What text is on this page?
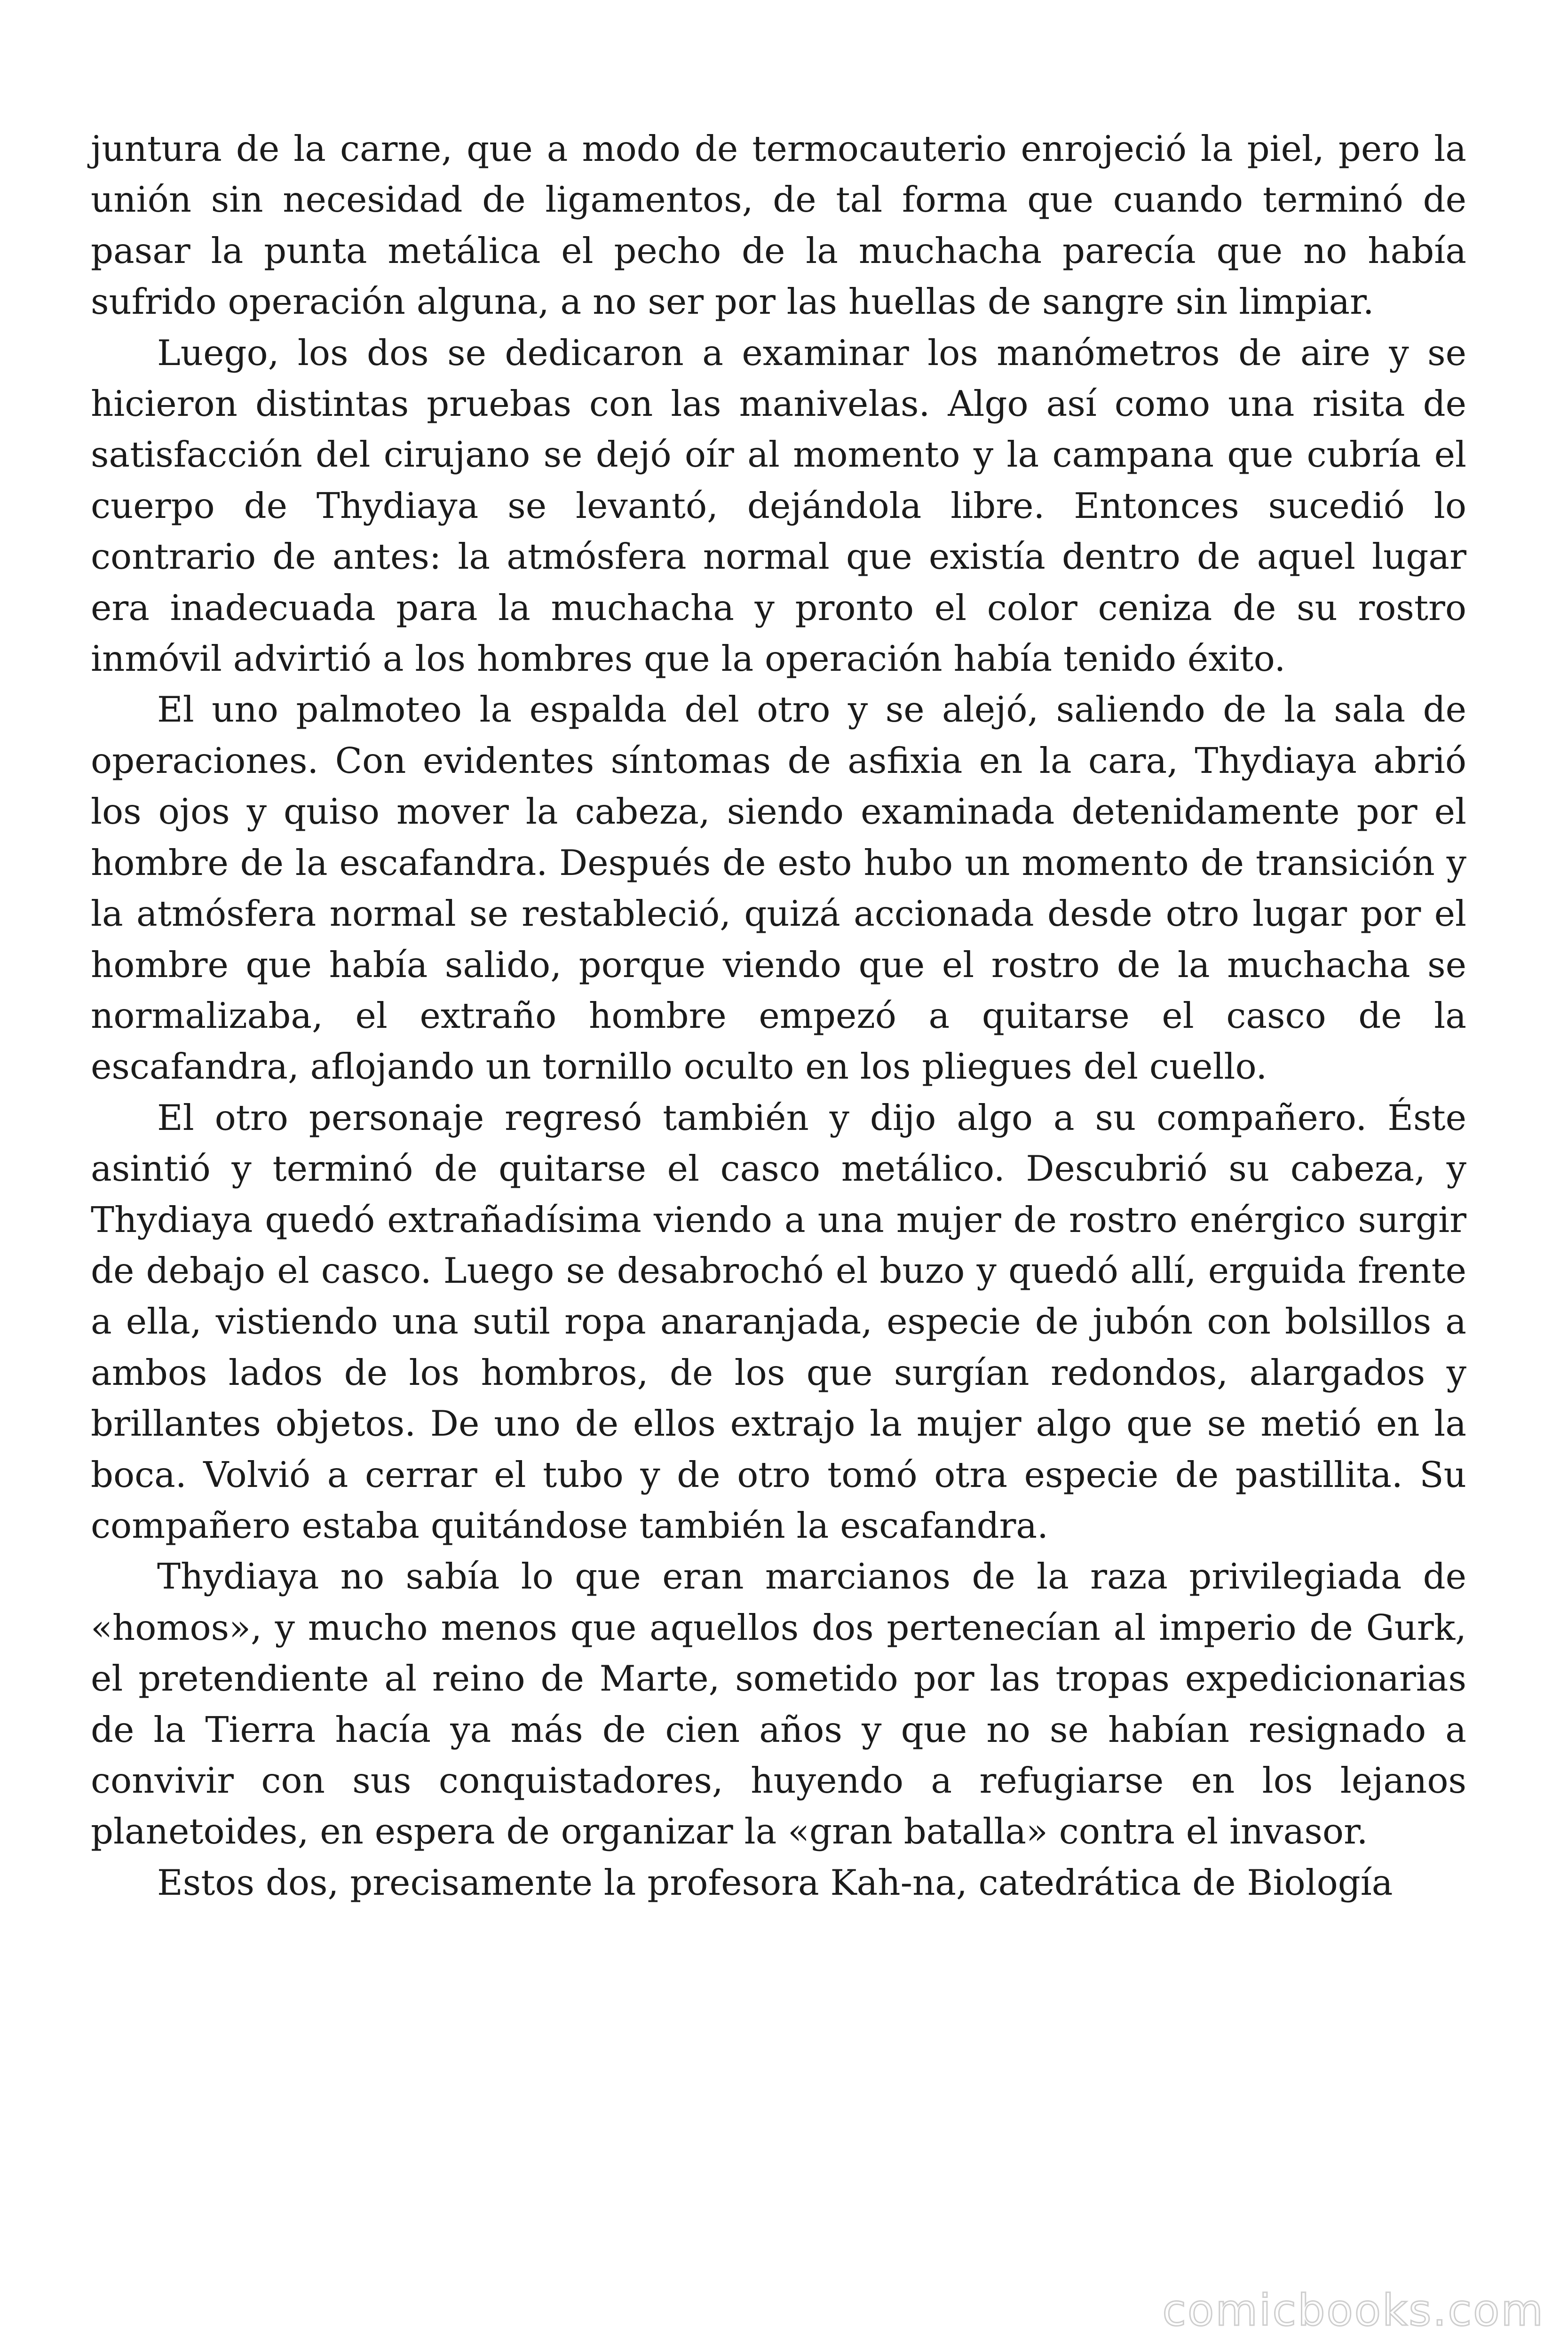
juntura de la carne, que a modo de termocauterio enrojeció la piel, pero la unión sin necesidad de ligamentos, de tal forma que cuando terminó de pasar la punta metálica el pecho de la muchacha parecía que no había sufrido operación alguna, a no ser por las huellas de sangre sin limpiar.

Luego, los dos se dedicaron a examinar los manómetros de aire y se hicieron distintas pruebas con las manivelas. Algo así como una risita de satisfacción del cirujano se dejó oír al momento y la campana que cubría el cuerpo de Thydiaya se levantó, dejándola libre. Entonces sucedió lo contrario de antes: la atmósfera normal que existía dentro de aquel lugar era inadecuada para la muchacha y pronto el color ceniza de su rostro inmóvil advirtió a los hombres que la operación había tenido éxito.

El uno palmoteo la espalda del otro y se alejó, saliendo de la sala de operaciones. Con evidentes síntomas de asfixia en la cara, Thydiaya abrió los ojos y quiso mover la cabeza, siendo examinada detenidamente por el hombre de la escafandra. Después de esto hubo un momento de transición y la atmósfera normal se restableció, quizá accionada desde otro lugar por el hombre que había salido, porque viendo que el rostro de la muchacha se normalizaba, el extraño hombre empezó a quitarse el casco de la escafandra, aflojando un tornillo oculto en los pliegues del cuello.

El otro personaje regresó también y dijo algo a su compañero. Éste asintió y terminó de quitarse el casco metálico. Descubrió su cabeza, y Thydiaya quedó extrañadísima viendo a una mujer de rostro enérgico surgir de debajo el casco. Luego se desabrochó el buzo y quedó allí, erguida frente a ella, vistiendo una sutil ropa anaranjada, especie de jubón con bolsillos a ambos lados de los hombros, de los que surgían redondos, alargados y brillantes objetos. De uno de ellos extrajo la mujer algo que se metió en la boca. Volvió a cerrar el tubo y de otro tomó otra especie de pastillita. Su compañero estaba quitándose también la escafandra.

Thydiaya no sabía lo que eran marcianos de la raza privilegiada de «homos», y mucho menos que aquellos dos pertenecían al imperio de Gurk, el pretendiente al reino de Marte, sometido por las tropas expedicionarias de la Tierra hacía ya más de cien años y que no se habían resignado a convivir con sus conquistadores, huyendo a refugiarse en los lejanos planetoides, en espera de organizar la «gran batalla» contra el invasor.

Estos dos, precisamente la profesora Kah-na, catedrática de Biología

comicbooks.com
